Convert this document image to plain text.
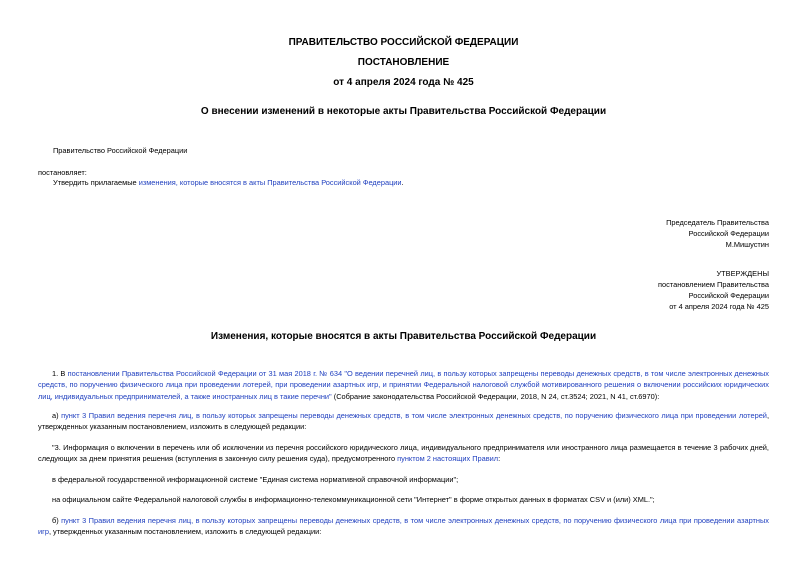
ПРАВИТЕЛЬСТВО РОССИЙСКОЙ ФЕДЕРАЦИИ
ПОСТАНОВЛЕНИЕ
от 4 апреля 2024 года № 425
О внесении изменений в некоторые акты Правительства Российской Федерации
Правительство Российской Федерации
постановляет:
Утвердить прилагаемые изменения, которые вносятся в акты Правительства Российской Федерации.
Председатель Правительства
Российской Федерации
М.Мишустин
УТВЕРЖДЕНЫ
постановлением Правительства
Российской Федерации
от 4 апреля 2024 года № 425
Изменения, которые вносятся в акты Правительства Российской Федерации
1. В постановлении Правительства Российской Федерации от 31 мая 2018 г. № 634 "О ведении перечней лиц, в пользу которых запрещены переводы денежных средств, в том числе электронных денежных средств, по поручению физического лица при проведении лотерей, при проведении азартных игр, и принятии Федеральной налоговой службой мотивированного решения о включении российских юридических лиц, индивидуальных предпринимателей, а также иностранных лиц в такие перечни" (Собрание законодательства Российской Федерации, 2018, N 24, ст.3524; 2021, N 41, ст.6970):
а) пункт 3 Правил ведения перечня лиц, в пользу которых запрещены переводы денежных средств, в том числе электронных денежных средств, по поручению физического лица при проведении лотерей, утвержденных указанным постановлением, изложить в следующей редакции:
"3. Информация о включении в перечень или об исключении из перечня российского юридического лица, индивидуального предпринимателя или иностранного лица размещается в течение 3 рабочих дней, следующих за днем принятия решения (вступления в законную силу решения суда), предусмотренного пунктом 2 настоящих Правил:
в федеральной государственной информационной системе "Единая система нормативной справочной информации";
на официальном сайте Федеральной налоговой службы в информационно-телекоммуникационной сети "Интернет" в форме открытых данных в форматах CSV и (или) XML.";
б) пункт 3 Правил ведения перечня лиц, в пользу которых запрещены переводы денежных средств, в том числе электронных денежных средств, по поручению физического лица при проведении азартных игр, утвержденных указанным постановлением, изложить в следующей редакции:
